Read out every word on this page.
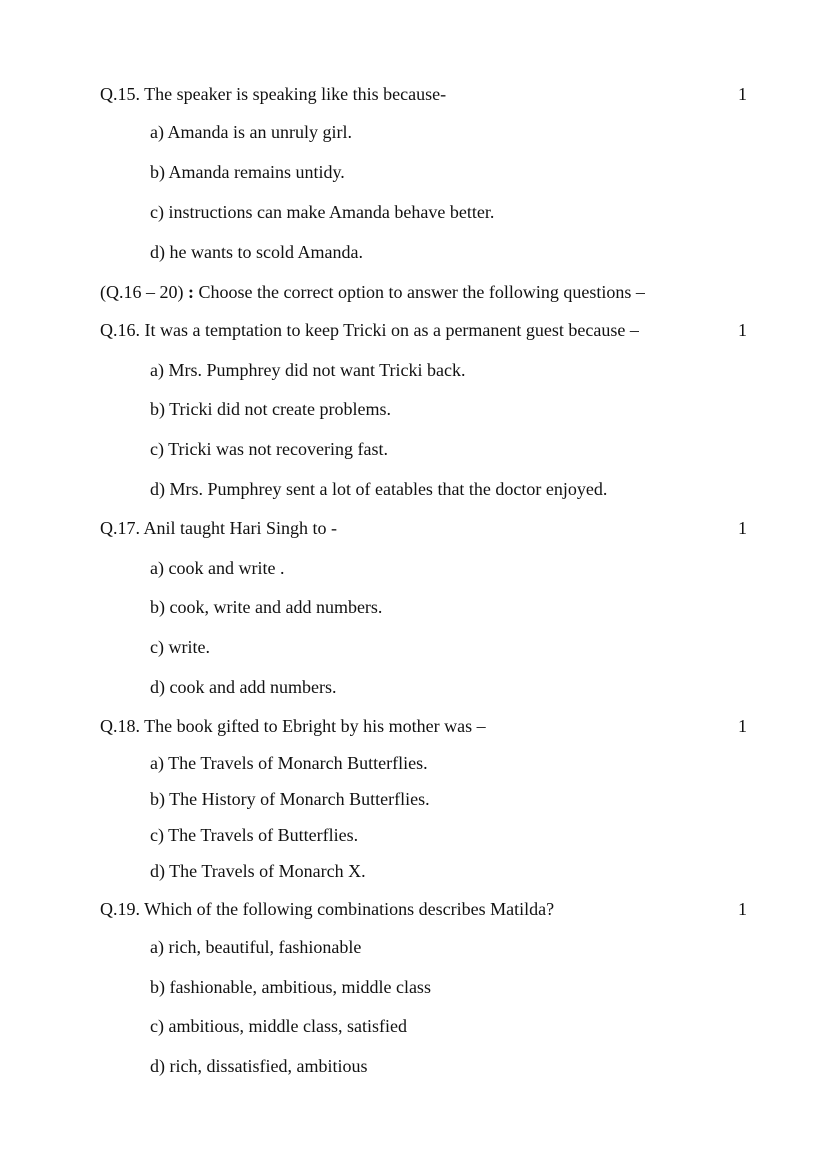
Q.15. The speaker is speaking like this because-	1
a) Amanda is an unruly girl.
b) Amanda remains untidy.
c) instructions can make Amanda behave better.
d) he wants to scold Amanda.
(Q.16 – 20) : Choose the correct option to answer the following questions –
Q.16. It was a temptation to keep Tricki on as a permanent guest because –	1
a) Mrs. Pumphrey did not want Tricki back.
b) Tricki did not create problems.
c) Tricki was not recovering fast.
d) Mrs. Pumphrey sent a lot of eatables that the doctor enjoyed.
Q.17. Anil taught Hari Singh to -	1
a) cook and write .
b) cook, write and add numbers.
c) write.
d) cook and add numbers.
Q.18. The book gifted to Ebright by his mother was –	1
a) The Travels of Monarch Butterflies.
b) The History of Monarch Butterflies.
c) The Travels of Butterflies.
d) The Travels of Monarch X.
Q.19. Which of the following combinations describes Matilda?	1
a) rich, beautiful, fashionable
b) fashionable, ambitious, middle class
c) ambitious, middle class, satisfied
d) rich, dissatisfied, ambitious
